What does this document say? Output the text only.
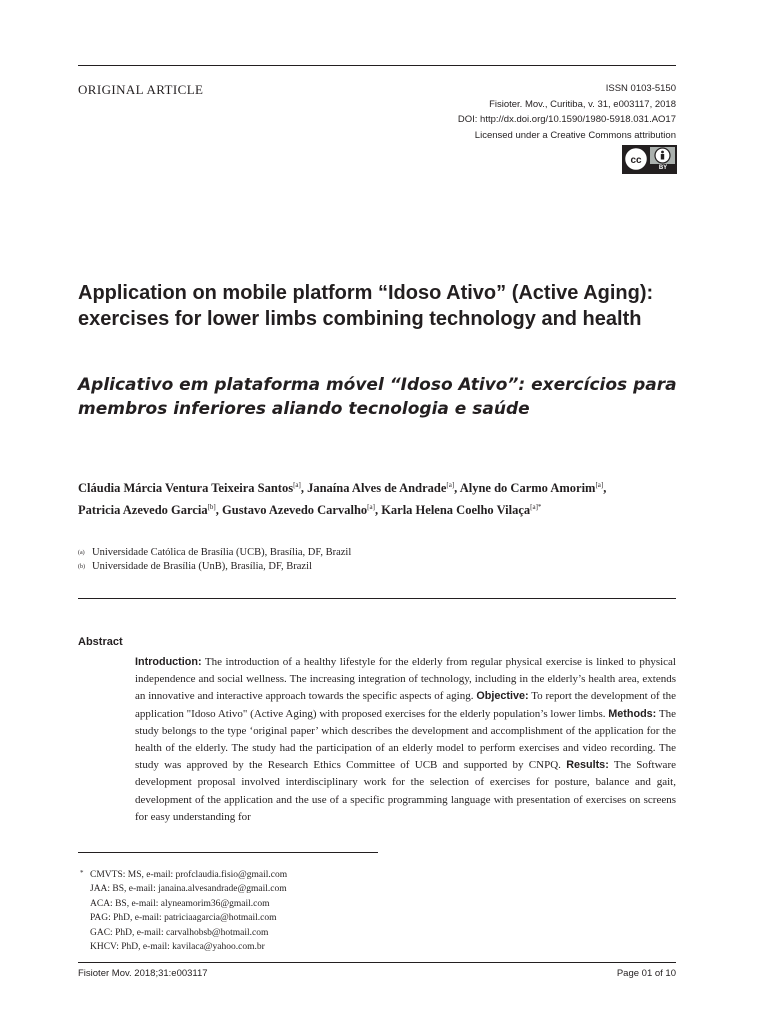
ORIGINAL ARTICLE	ISSN 0103-5150
Fisioter. Mov., Curitiba, v. 31, e003117, 2018
DOI: http://dx.doi.org/10.1590/1980-5918.031.AO17
Licensed under a Creative Commons attribution
cc
BY
Application on mobile platform “Idoso Ativo” (Active Aging): exercises for lower limbs combining technology and health
Aplicativo em plataforma móvel “Idoso Ativo”: exercícios para membros inferiores aliando tecnologia e saúde
Cláudia Márcia Ventura Teixeira Santos[a], Janaína Alves de Andrade[a], Alyne do Carmo Amorim[a],
Patricia Azevedo Garcia[b], Gustavo Azevedo Carvalho[a], Karla Helena Coelho Vilaça$^{[a]*}$
(a) Universidade Católica de Brasília (UCB), Brasília, DF, Brazil
(b) Universidade de Brasília (UnB), Brasília, DF, Brazil
Abstract

Introduction: The introduction of a healthy lifestyle for the elderly from regular physical exercise is linked to physical independence and social wellness. The increasing integration of technology, including in the elderly’s health area, extends an innovative and interactive approach towards the specific aspects of aging. Objective: To report the development of the application "Idoso Ativo" (Active Aging) with proposed exercises for the elderly population’s lower limbs. Methods: The study belongs to the type ‘original paper’ which describes the development and accomplishment of the application for the health of the elderly. The study had the participation of an elderly model to perform exercises and video recording. The study was approved by the Research Ethics Committee of UCB and supported by CNPQ. Results: The Software development proposal involved interdisciplinary work for the selection of exercises for posture, balance and gait, development of the application and the use of a specific programming language with presentation of exercises on screens for easy understanding for

* CMVTS: MS, e-mail: profclaudia.fisio@gmail.com
JAA: BS, e-mail: janaina.alvesandrade@gmail.com
ACA: BS, e-mail: alyneamorim36@gmail.com
PAG: PhD, e-mail: patriciaagarcia@hotmail.com
GAC: PhD, e-mail: carvalhobsb@hotmail.com
KHCV: PhD, e-mail: kavilaca@yahoo.com.br
Fisioter Mov. 2018;31:e003117	Page 01 of 10
